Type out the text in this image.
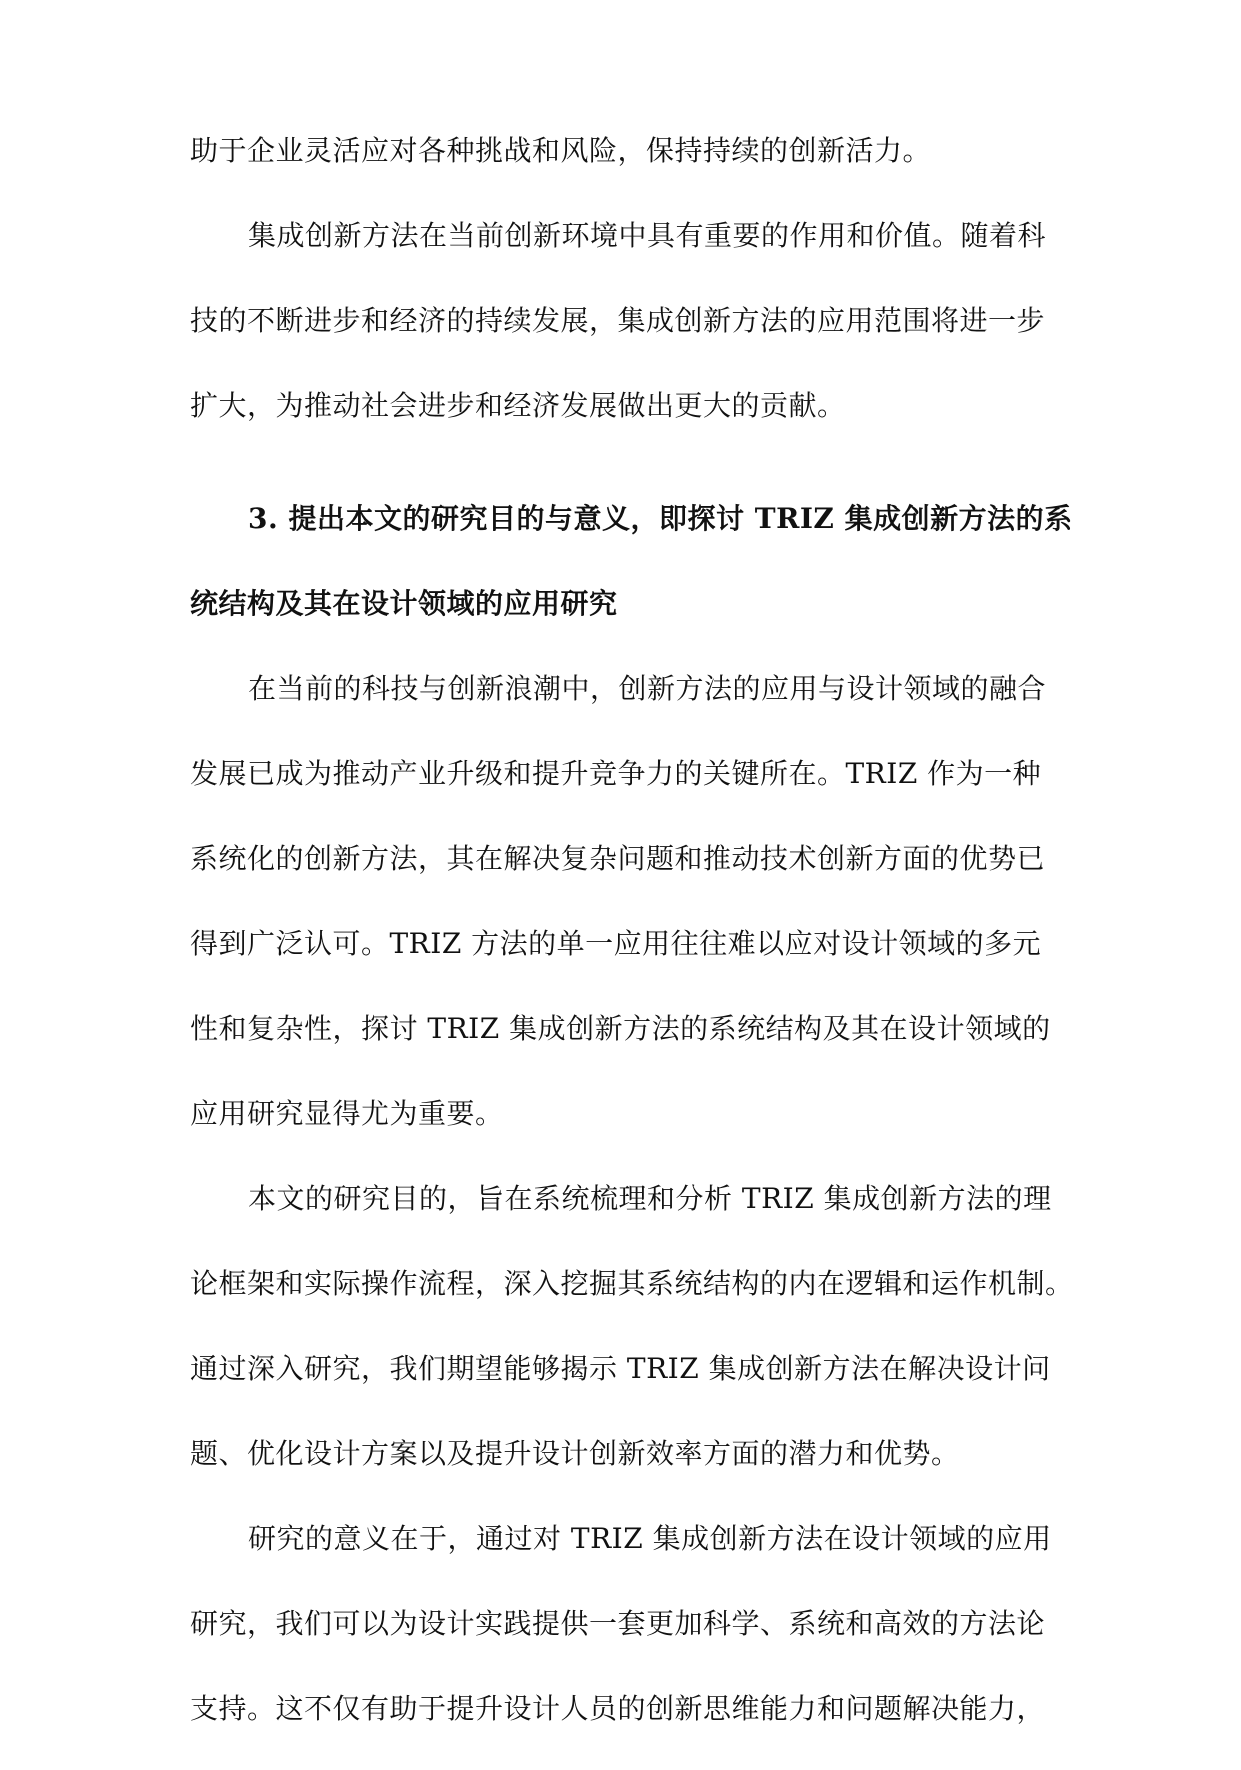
助于企业灵活应对各种挑战和风险，保持持续的创新活力。
集成创新方法在当前创新环境中具有重要的作用和价值。随着科
技的不断进步和经济的持续发展，集成创新方法的应用范围将进一步
扩大，为推动社会进步和经济发展做出更大的贡献。
3. 提出本文的研究目的与意义，即探讨 TRIZ 集成创新方法的系
统结构及其在设计领域的应用研究
在当前的科技与创新浪潮中，创新方法的应用与设计领域的融合
发展已成为推动产业升级和提升竞争力的关键所在。TRIZ 作为一种
系统化的创新方法，其在解决复杂问题和推动技术创新方面的优势已
得到广泛认可。TRIZ 方法的单一应用往往难以应对设计领域的多元
性和复杂性，探讨 TRIZ 集成创新方法的系统结构及其在设计领域的
应用研究显得尤为重要。
本文的研究目的，旨在系统梳理和分析 TRIZ 集成创新方法的理
论框架和实际操作流程，深入挖掘其系统结构的内在逻辑和运作机制。
通过深入研究，我们期望能够揭示 TRIZ 集成创新方法在解决设计问
题、优化设计方案以及提升设计创新效率方面的潜力和优势。
研究的意义在于，通过对 TRIZ 集成创新方法在设计领域的应用
研究，我们可以为设计实践提供一套更加科学、系统和高效的方法论
支持。这不仅有助于提升设计人员的创新思维能力和问题解决能力，
